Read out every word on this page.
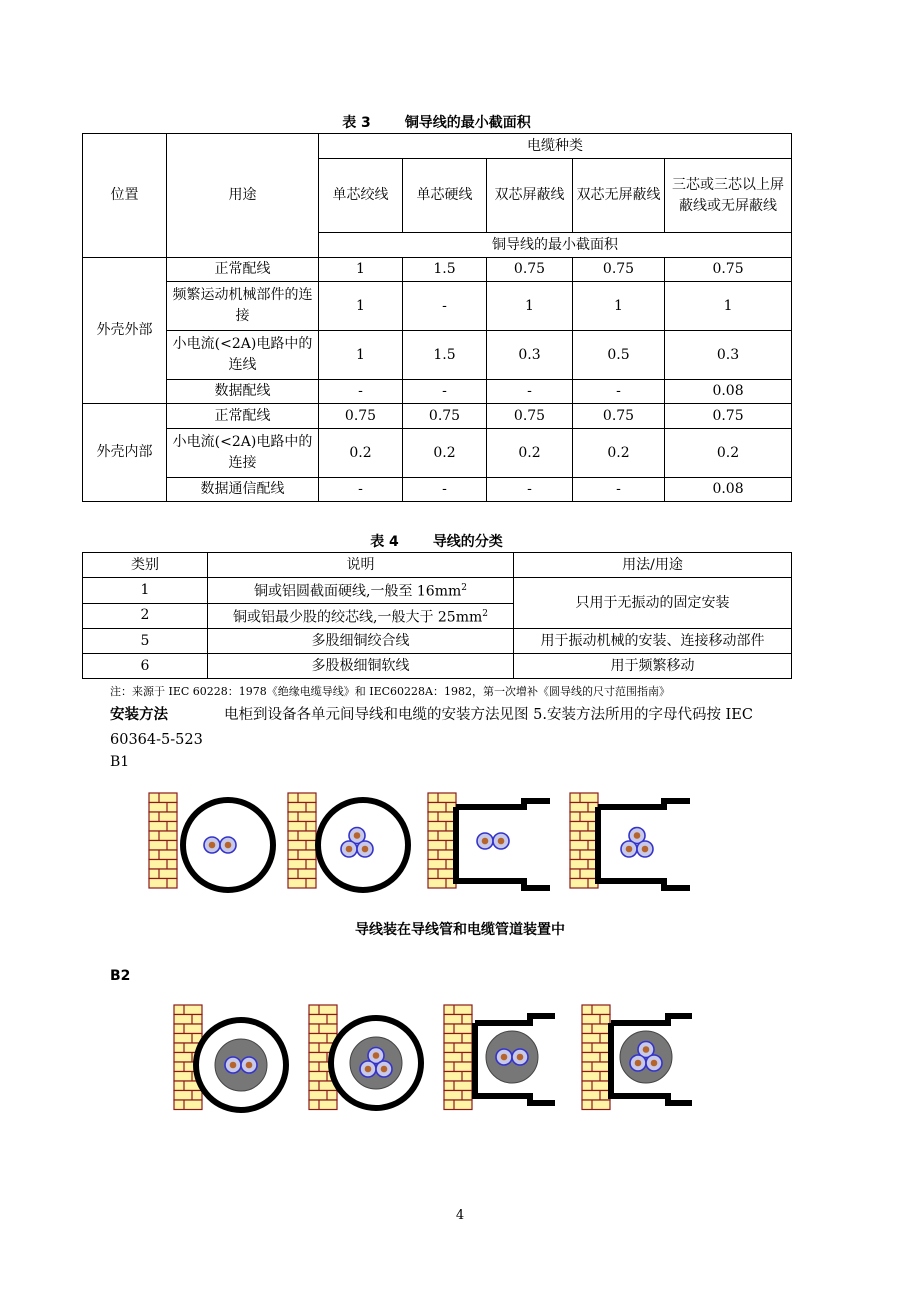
表 3 铜导线的最小截面积
位置	用途	电缆种类				
		单芯绞线	单芯硬线	双芯屏蔽线	双芯无屏蔽线	三芯或三芯以上屏蔽线或无屏蔽线
		铜导线的最小截面积				
外壳外部	正常配线	1	1.5	0.75	0.75	0.75
	频繁运动机械部件的连接	1	-	1	1	1
	小电流(<2A)电路中的连线	1	1.5	0.3	0.5	0.3
	数据配线	-	-	-	-	0.08
外壳内部	正常配线	0.75	0.75	0.75	0.75	0.75
	小电流(<2A)电路中的连接	0.2	0.2	0.2	0.2	0.2
	数据通信配线	-	-	-	-	0.08
表 4 导线的分类
类别	说明	用法/用途
1	铜或铝圆截面硬线,一般至 $16mm^2$	只用于无振动的固定安装
2	铜或铝最少股的绞芯线,一般大于 $25mm^2$
5	多股细铜绞合线	用于振动机械的安装、连接移动部件
6	多股极细铜软线	用于频繁移动
注：来源于 IEC 60228：1978《绝缘电缆导线》和 IEC60228A：1982，第一次增补《圆导线的尺寸范围指南》
安装方法	电柜到设备各单元间导线和电缆的安装方法见图 5.安装方法所用的字母代码按 IEC
60364-5-523
B1
导线装在导线管和电缆管道装置中
B2
4
